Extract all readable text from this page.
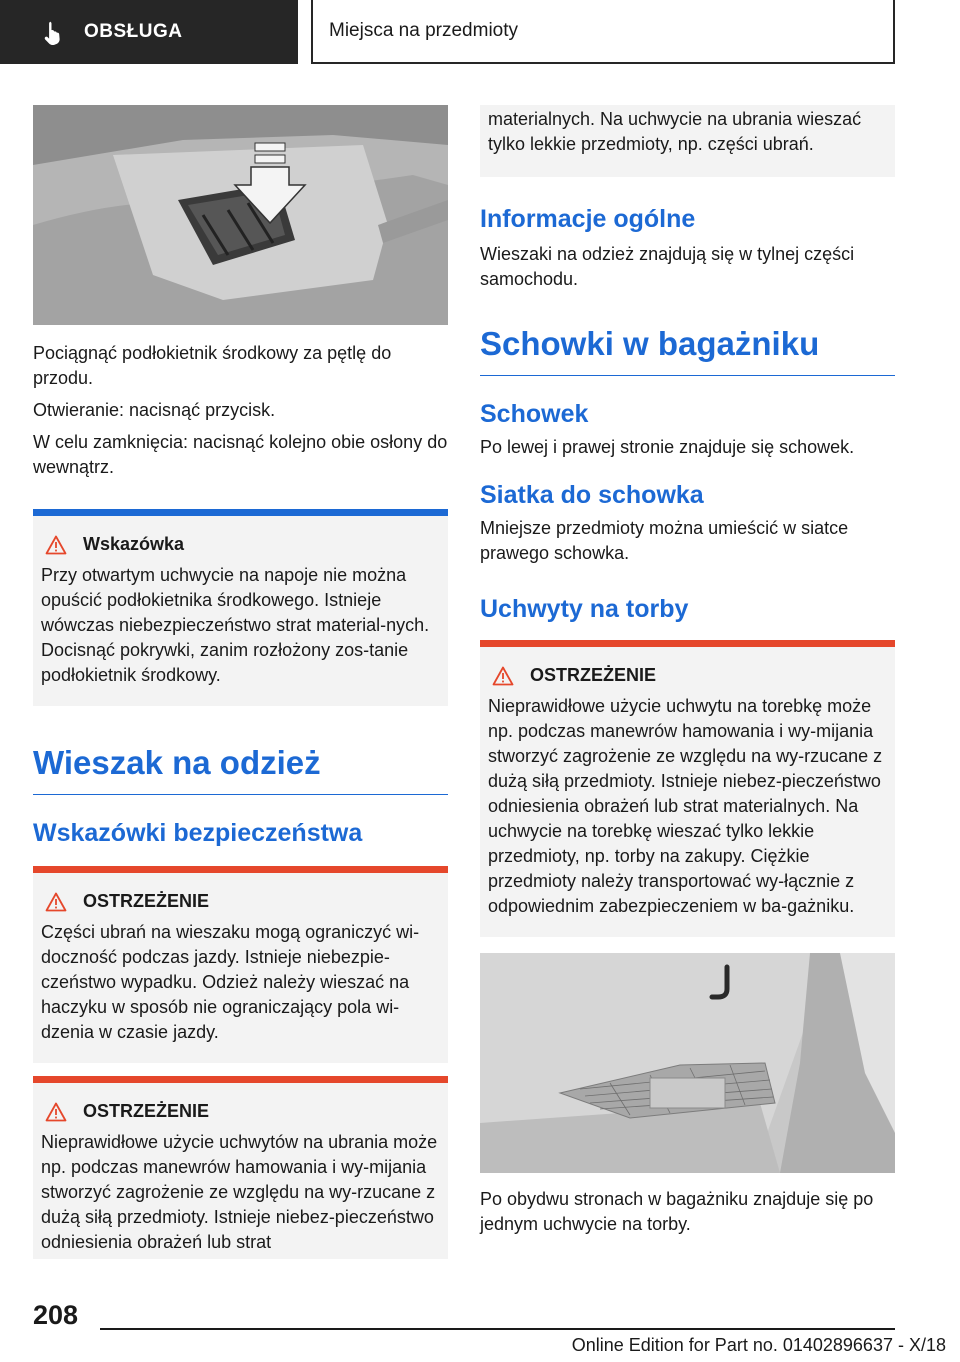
OBSŁUGA	Miejsca na przedmioty

Pociągnąć podłokietnik środkowy za pętlę do przodu.

Otwieranie: nacisnąć przycisk.

W celu zamknięcia: nacisnąć kolejno obie osłony do wewnątrz.

Wskazówka
Przy otwartym uchwycie na napoje nie można opuścić podłokietnika środkowego. Istnieje wówczas niebezpieczeństwo strat material-nych. Docisnąć pokrywki, zanim rozłożony zos-tanie podłokietnik środkowy.
Wieszak na odzież
Wskazówki bezpieczeństwa
OSTRZEŻENIE
Części ubrań na wieszaku mogą ograniczyć wi-doczność podczas jazdy. Istnieje niebezpie-czeństwo wypadku. Odzież należy wieszać na haczyku w sposób nie ograniczający pola wi-dzenia w czasie jazdy.
OSTRZEŻENIE
Nieprawidłowe użycie uchwytów na ubrania może np. podczas manewrów hamowania i wy-mijania stworzyć zagrożenie ze względu na wy-rzucane z dużą siłą przedmioty. Istnieje niebez-pieczeństwo odniesienia obrażeń lub strat
materialnych. Na uchwycie na ubrania wieszać tylko lekkie przedmioty, np. części ubrań.
Informacje ogólne

Wieszaki na odzież znajdują się w tylnej części samochodu.

Schowki w bagażniku
Schowek

Po lewej i prawej stronie znajduje się schowek.

Siatka do schowka

Mniejsze przedmioty można umieścić w siatce prawego schowka.

Uchwyty na torby
OSTRZEŻENIE
Nieprawidłowe użycie uchwytu na torebkę może np. podczas manewrów hamowania i wy-mijania stworzyć zagrożenie ze względu na wy-rzucane z dużą siłą przedmioty. Istnieje niebez-pieczeństwo odniesienia obrażeń lub strat materialnych. Na uchwycie na torebkę wieszać tylko lekkie przedmioty, np. torby na zakupy. Ciężkie przedmioty należy transportować wy-łącznie z odpowiednim zabezpieczeniem w ba-gażniku.

Po obydwu stronach w bagażniku znajduje się po jednym uchwycie na torby.

208
Online Edition for Part no. 01402896637 - X/18
